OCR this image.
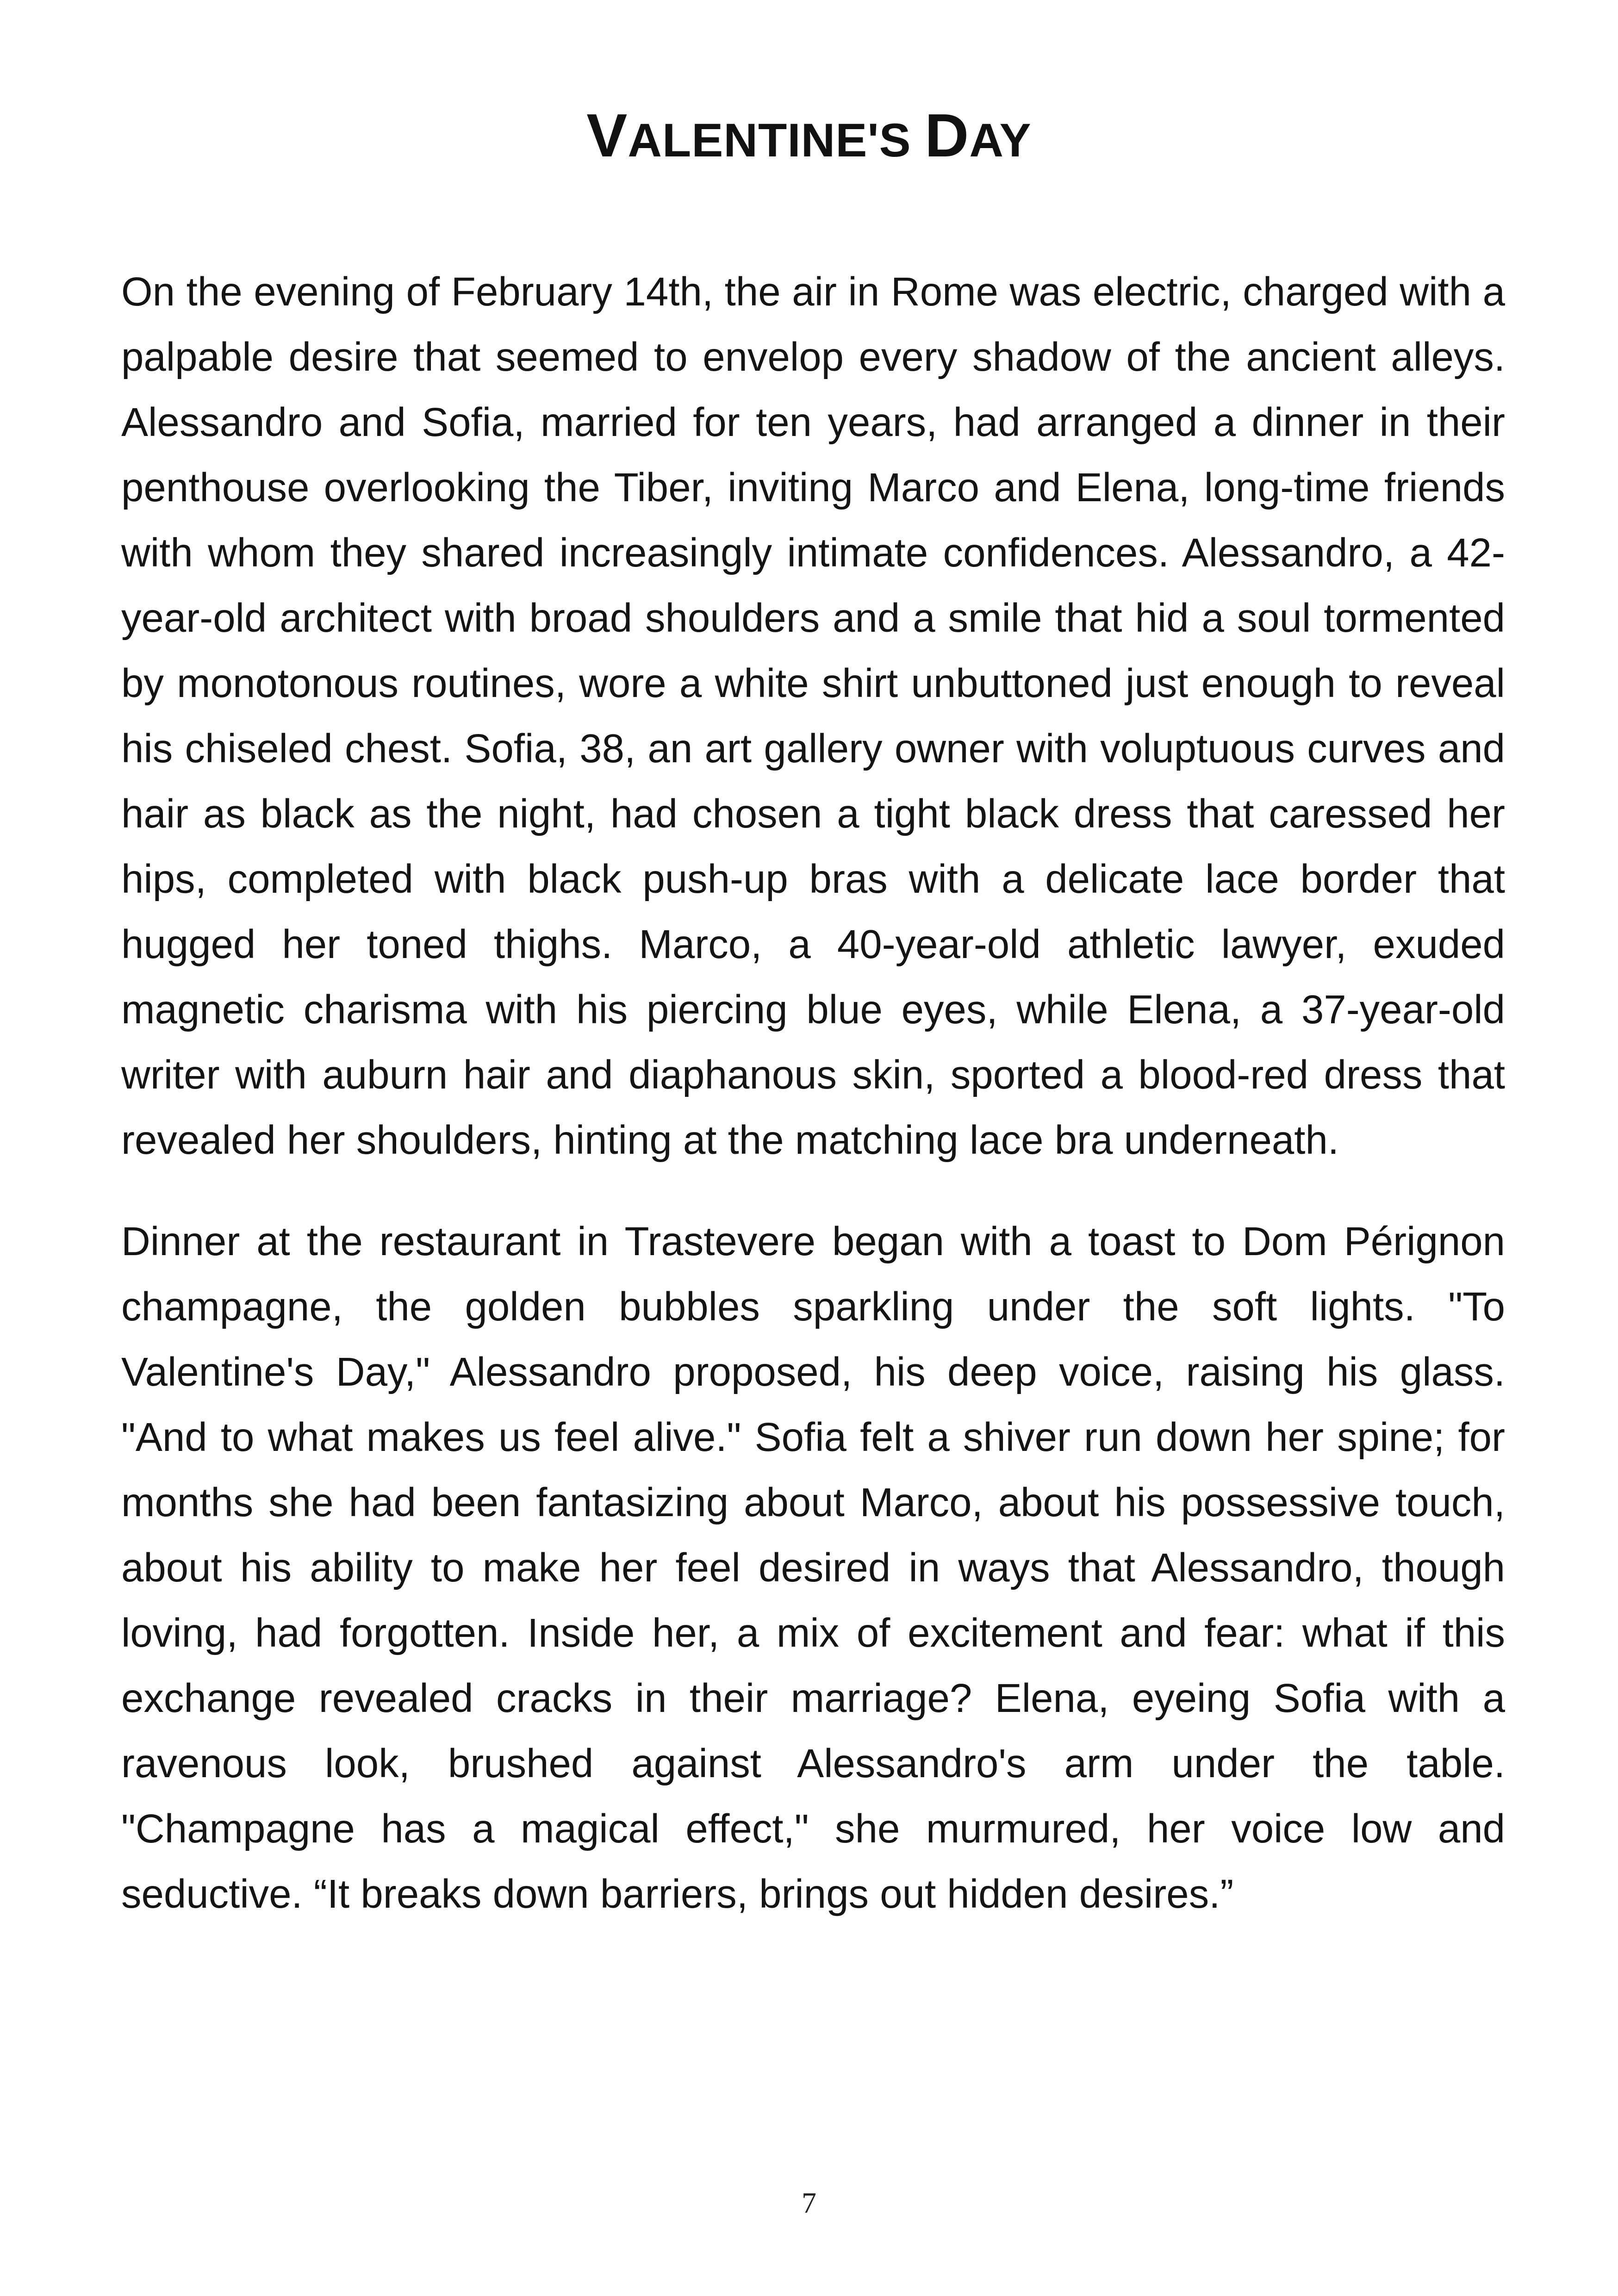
VALENTINE'S DAY

On the evening of February 14th, the air in Rome was electric, charged with a palpable desire that seemed to envelop every shadow of the ancient alleys. Alessandro and Sofia, married for ten years, had arranged a dinner in their penthouse overlooking the Tiber, inviting Marco and Elena, long-time friends with whom they shared increasingly intimate confidences. Alessandro, a 42-year-old architect with broad shoulders and a smile that hid a soul tormented by monotonous routines, wore a white shirt unbuttoned just enough to reveal his chiseled chest. Sofia, 38, an art gallery owner with voluptuous curves and hair as black as the night, had chosen a tight black dress that caressed her hips, completed with black push-up bras with a delicate lace border that hugged her toned thighs. Marco, a 40-year-old athletic lawyer, exuded magnetic charisma with his piercing blue eyes, while Elena, a 37-year-old writer with auburn hair and diaphanous skin, sported a blood-red dress that revealed her shoulders, hinting at the matching lace bra underneath.

Dinner at the restaurant in Trastevere began with a toast to Dom Pérignon champagne, the golden bubbles sparkling under the soft lights. "To Valentine's Day," Alessandro proposed, his deep voice, raising his glass. "And to what makes us feel alive." Sofia felt a shiver run down her spine; for months she had been fantasizing about Marco, about his possessive touch, about his ability to make her feel desired in ways that Alessandro, though loving, had forgotten. Inside her, a mix of excitement and fear: what if this exchange revealed cracks in their marriage? Elena, eyeing Sofia with a ravenous look, brushed against Alessandro's arm under the table. "Champagne has a magical effect," she murmured, her voice low and seductive. “It breaks down barriers, brings out hidden desires.”

7
